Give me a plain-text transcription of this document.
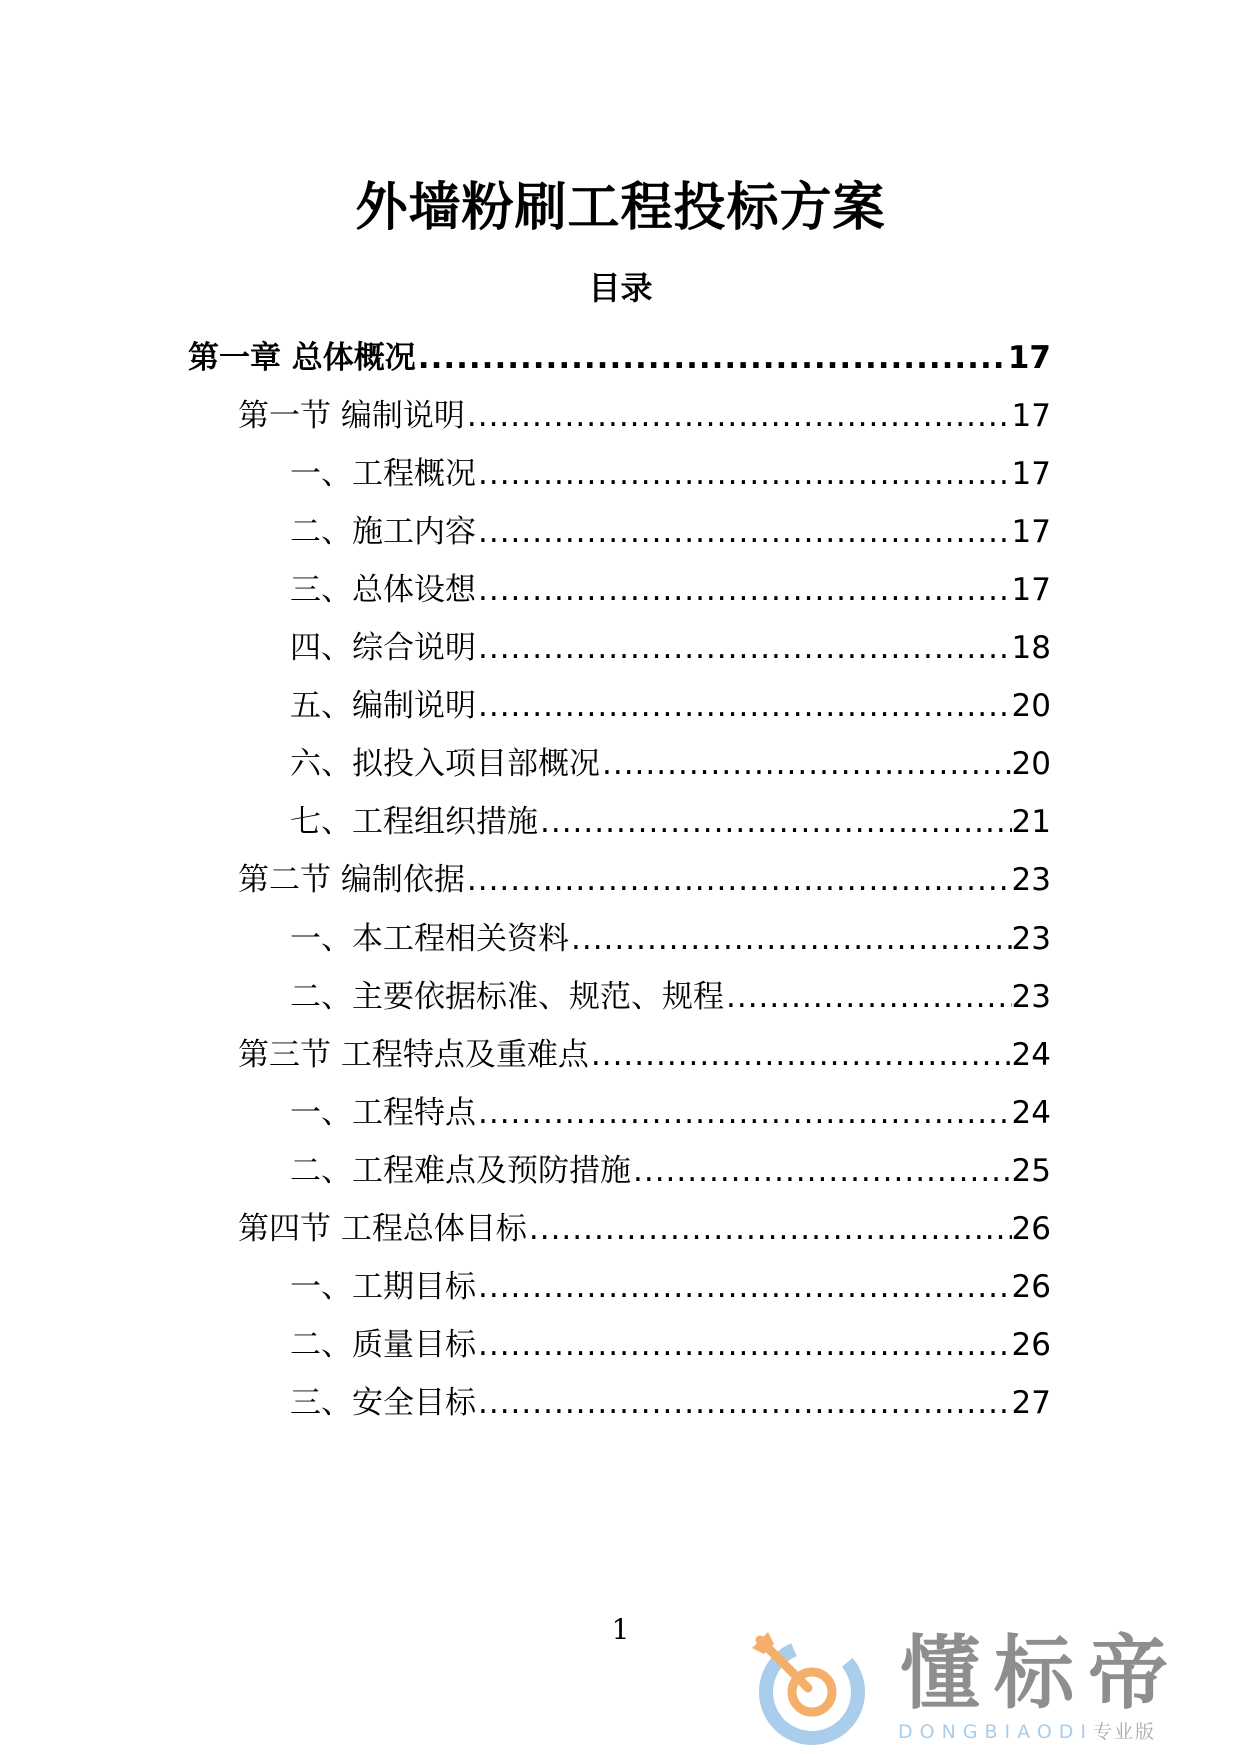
外墙粉刷工程投标方案
目录
第一章 总体概况 .....	17
第一节 编制说明 .....	17
一、工程概况 .....	17
二、施工内容 .....	17
三、总体设想 .....	17
四、综合说明 .....	18
五、编制说明 .....	20
六、拟投入项目部概况 .....	20
七、工程组织措施 .....	21
第二节 编制依据 .....	23
一、本工程相关资料 .....	23
二、主要依据标准、规范、规程 .....	23
第三节 工程特点及重难点 .....	24
一、工程特点 .....	24
二、工程难点及预防措施 .....	25
第四节 工程总体目标 .....	26
一、工期目标 .....	26
二、质量目标 .....	26
三、安全目标 .....	27
1	懂标帝
DONGBIAODI专业版
